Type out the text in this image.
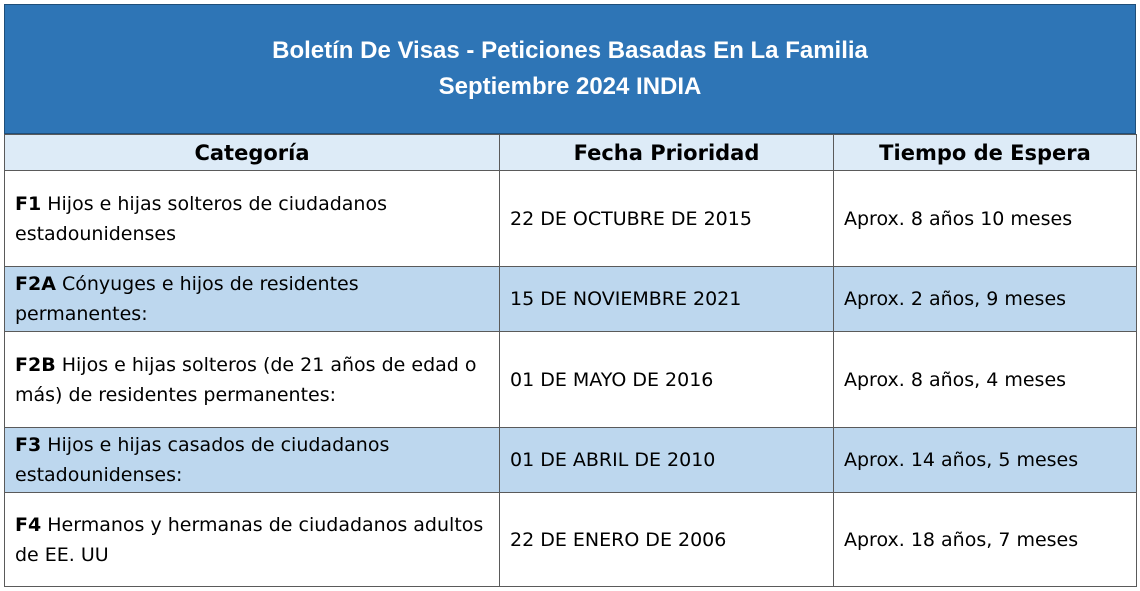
Boletín De Visas - Peticiones Basadas En La Familia
Septiembre 2024 INDIA
Categoría	Fecha Prioridad	Tiempo de Espera
F1 Hijos e hijas solteros de ciudadanos estadounidenses	22 DE OCTUBRE DE 2015	Aprox. 8 años 10 meses
F2A Cónyuges e hijos de residentes permanentes:	15 DE NOVIEMBRE 2021	Aprox. 2 años, 9 meses
F2B Hijos e hijas solteros (de 21 años de edad o más) de residentes permanentes:	01 DE MAYO DE 2016	Aprox. 8 años, 4 meses
F3 Hijos e hijas casados de ciudadanos estadounidenses:	01 DE ABRIL DE 2010	Aprox. 14 años, 5 meses
F4 Hermanos y hermanas de ciudadanos adultos de EE. UU	22 DE ENERO DE 2006	Aprox. 18 años, 7 meses
